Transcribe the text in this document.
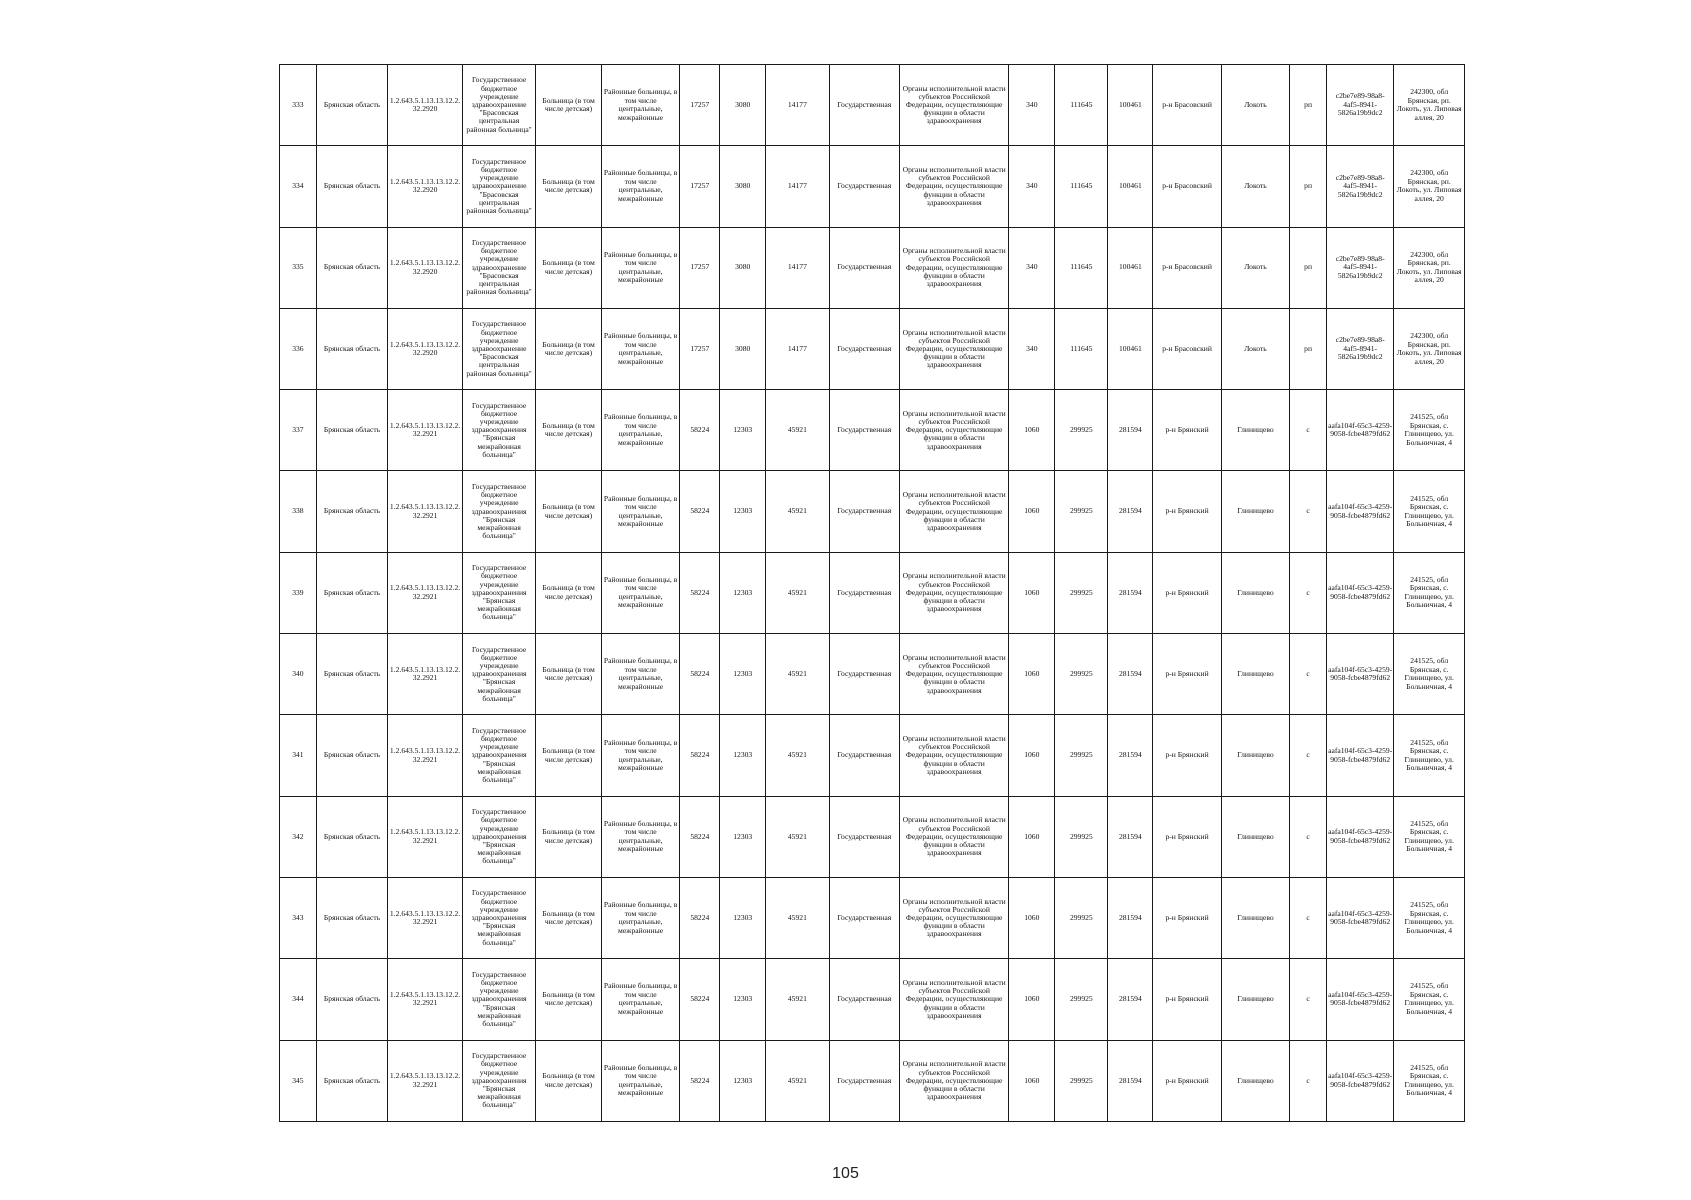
333	Брянская область	1.2.643.5.1.13.13.12.2.32.2920	Государственное бюджетное учреждение здравоохранение "Брасовская центральная районная больница"	Больница (в том числе детская)	Районные больницы, в том числе центральные, межрайонные	17257	3080	14177	Государственная	Органы исполнительной власти субъектов Российской Федерации, осуществляющие функции в области здравоохранения	340	111645	100461	р-н Брасовский	Локоть	рп	c2be7e89-98a8-4af5-8941-5826a19b9dc2	242300, обл Брянская, рп. Локоть, ул. Липовая аллея, 20
334	Брянская область	1.2.643.5.1.13.13.12.2.32.2920	Государственное бюджетное учреждение здравоохранение "Брасовская центральная районная больница"	Больница (в том числе детская)	Районные больницы, в том числе центральные, межрайонные	17257	3080	14177	Государственная	Органы исполнительной власти субъектов Российской Федерации, осуществляющие функции в области здравоохранения	340	111645	100461	р-н Брасовский	Локоть	рп	c2be7e89-98a8-4af5-8941-5826a19b9dc2	242300, обл Брянская, рп. Локоть, ул. Липовая аллея, 20
335	Брянская область	1.2.643.5.1.13.13.12.2.32.2920	Государственное бюджетное учреждение здравоохранение "Брасовская центральная районная больница"	Больница (в том числе детская)	Районные больницы, в том числе центральные, межрайонные	17257	3080	14177	Государственная	Органы исполнительной власти субъектов Российской Федерации, осуществляющие функции в области здравоохранения	340	111645	100461	р-н Брасовский	Локоть	рп	c2be7e89-98a8-4af5-8941-5826a19b9dc2	242300, обл Брянская, рп. Локоть, ул. Липовая аллея, 20
336	Брянская область	1.2.643.5.1.13.13.12.2.32.2920	Государственное бюджетное учреждение здравоохранение "Брасовская центральная районная больница"	Больница (в том числе детская)	Районные больницы, в том числе центральные, межрайонные	17257	3080	14177	Государственная	Органы исполнительной власти субъектов Российской Федерации, осуществляющие функции в области здравоохранения	340	111645	100461	р-н Брасовский	Локоть	рп	c2be7e89-98a8-4af5-8941-5826a19b9dc2	242300, обл Брянская, рп. Локоть, ул. Липовая аллея, 20
337	Брянская область	1.2.643.5.1.13.13.12.2.32.2921	Государственное бюджетное учреждение здравоохранения "Брянская межрайонная больница"	Больница (в том числе детская)	Районные больницы, в том числе центральные, межрайонные	58224	12303	45921	Государственная	Органы исполнительной власти субъектов Российской Федерации, осуществляющие функции в области здравоохранения	1060	299925	281594	р-н Брянский	Глинищево	с	aafa104f-65c3-4259-9058-fcbe4879fd62	241525, обл Брянская, с. Глинищево, ул. Больничная, 4
338	Брянская область	1.2.643.5.1.13.13.12.2.32.2921	Государственное бюджетное учреждение здравоохранения "Брянская межрайонная больница"	Больница (в том числе детская)	Районные больницы, в том числе центральные, межрайонные	58224	12303	45921	Государственная	Органы исполнительной власти субъектов Российской Федерации, осуществляющие функции в области здравоохранения	1060	299925	281594	р-н Брянский	Глинищево	с	aafa104f-65c3-4259-9058-fcbe4879fd62	241525, обл Брянская, с. Глинищево, ул. Больничная, 4
339	Брянская область	1.2.643.5.1.13.13.12.2.32.2921	Государственное бюджетное учреждение здравоохранения "Брянская межрайонная больница"	Больница (в том числе детская)	Районные больницы, в том числе центральные, межрайонные	58224	12303	45921	Государственная	Органы исполнительной власти субъектов Российской Федерации, осуществляющие функции в области здравоохранения	1060	299925	281594	р-н Брянский	Глинищево	с	aafa104f-65c3-4259-9058-fcbe4879fd62	241525, обл Брянская, с. Глинищево, ул. Больничная, 4
340	Брянская область	1.2.643.5.1.13.13.12.2.32.2921	Государственное бюджетное учреждение здравоохранения "Брянская межрайонная больница"	Больница (в том числе детская)	Районные больницы, в том числе центральные, межрайонные	58224	12303	45921	Государственная	Органы исполнительной власти субъектов Российской Федерации, осуществляющие функции в области здравоохранения	1060	299925	281594	р-н Брянский	Глинищево	с	aafa104f-65c3-4259-9058-fcbe4879fd62	241525, обл Брянская, с. Глинищево, ул. Больничная, 4
341	Брянская область	1.2.643.5.1.13.13.12.2.32.2921	Государственное бюджетное учреждение здравоохранения "Брянская межрайонная больница"	Больница (в том числе детская)	Районные больницы, в том числе центральные, межрайонные	58224	12303	45921	Государственная	Органы исполнительной власти субъектов Российской Федерации, осуществляющие функции в области здравоохранения	1060	299925	281594	р-н Брянский	Глинищево	с	aafa104f-65c3-4259-9058-fcbe4879fd62	241525, обл Брянская, с. Глинищево, ул. Больничная, 4
342	Брянская область	1.2.643.5.1.13.13.12.2.32.2921	Государственное бюджетное учреждение здравоохранения "Брянская межрайонная больница"	Больница (в том числе детская)	Районные больницы, в том числе центральные, межрайонные	58224	12303	45921	Государственная	Органы исполнительной власти субъектов Российской Федерации, осуществляющие функции в области здравоохранения	1060	299925	281594	р-н Брянский	Глинищево	с	aafa104f-65c3-4259-9058-fcbe4879fd62	241525, обл Брянская, с. Глинищево, ул. Больничная, 4
343	Брянская область	1.2.643.5.1.13.13.12.2.32.2921	Государственное бюджетное учреждение здравоохранения "Брянская межрайонная больница"	Больница (в том числе детская)	Районные больницы, в том числе центральные, межрайонные	58224	12303	45921	Государственная	Органы исполнительной власти субъектов Российской Федерации, осуществляющие функции в области здравоохранения	1060	299925	281594	р-н Брянский	Глинищево	с	aafa104f-65c3-4259-9058-fcbe4879fd62	241525, обл Брянская, с. Глинищево, ул. Больничная, 4
344	Брянская область	1.2.643.5.1.13.13.12.2.32.2921	Государственное бюджетное учреждение здравоохранения "Брянская межрайонная больница"	Больница (в том числе детская)	Районные больницы, в том числе центральные, межрайонные	58224	12303	45921	Государственная	Органы исполнительной власти субъектов Российской Федерации, осуществляющие функции в области здравоохранения	1060	299925	281594	р-н Брянский	Глинищево	с	aafa104f-65c3-4259-9058-fcbe4879fd62	241525, обл Брянская, с. Глинищево, ул. Больничная, 4
345	Брянская область	1.2.643.5.1.13.13.12.2.32.2921	Государственное бюджетное учреждение здравоохранения "Брянская межрайонная больница"	Больница (в том числе детская)	Районные больницы, в том числе центральные, межрайонные	58224	12303	45921	Государственная	Органы исполнительной власти субъектов Российской Федерации, осуществляющие функции в области здравоохранения	1060	299925	281594	р-н Брянский	Глинищево	с	aafa104f-65c3-4259-9058-fcbe4879fd62	241525, обл Брянская, с. Глинищево, ул. Больничная, 4
105
